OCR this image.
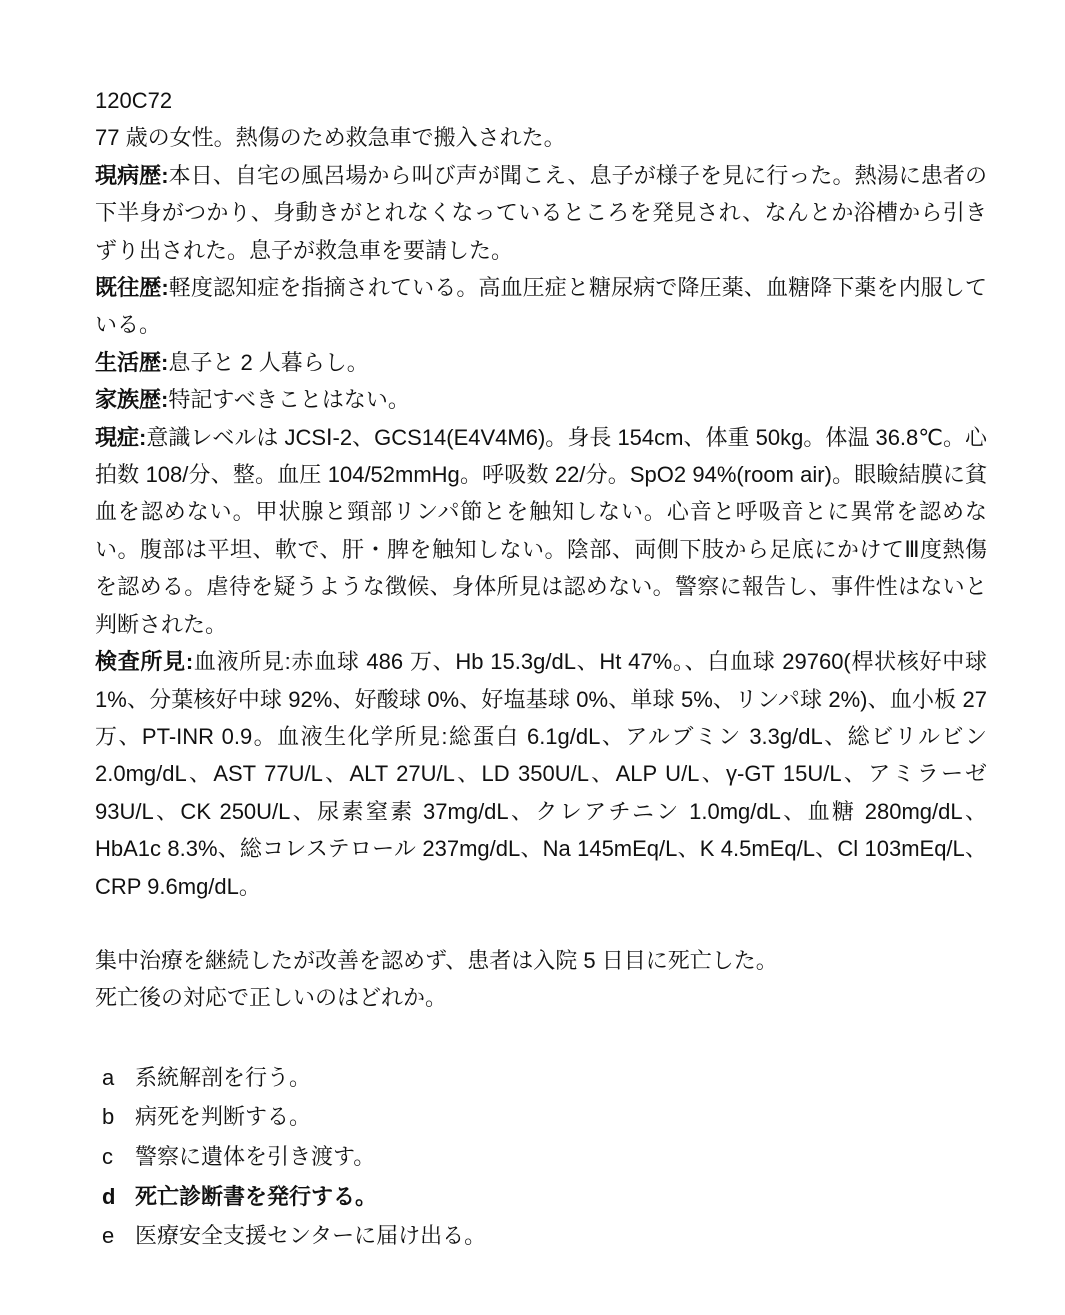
120C72

77 歳の女性。熱傷のため救急車で搬入された。

現病歴:本日、自宅の風呂場から叫び声が聞こえ、息子が様子を見に行った。熱湯に患者の下半身がつかり、身動きがとれなくなっているところを発見され、なんとか浴槽から引きずり出された。息子が救急車を要請した。

既往歴:軽度認知症を指摘されている。高血圧症と糖尿病で降圧薬、血糖降下薬を内服している。

生活歴:息子と 2 人暮らし。

家族歴:特記すべきことはない。

現症:意識レベルは JCSⅠ-2、GCS14(E4V4M6)。身長 154cm、体重 50kg。体温 36.8℃。心拍数 108/分、整。血圧 104/52mmHg。呼吸数 22/分。SpO2 94%(room air)。眼瞼結膜に貧血を認めない。甲状腺と頸部リンパ節とを触知しない。心音と呼吸音とに異常を認めない。腹部は平坦、軟で、肝・脾を触知しない。陰部、両側下肢から足底にかけてⅢ度熱傷を認める。虐待を疑うような徴候、身体所見は認めない。警察に報告し、事件性はないと判断された。

検査所見:血液所見:赤血球 486 万、Hb 15.3g/dL、Ht 47%。、白血球 29760(桿状核好中球 1%、分葉核好中球 92%、好酸球 0%、好塩基球 0%、単球 5%、リンパ球 2%)、血小板 27 万、PT-INR 0.9。血液生化学所見:総蛋白 6.1g/dL、アルブミン 3.3g/dL、総ビリルビン 2.0mg/dL、AST 77U/L、ALT 27U/L、LD 350U/L、ALP U/L、γ-GT 15U/L、アミラーゼ 93U/L、CK 250U/L、尿素窒素 37mg/dL、クレアチニン 1.0mg/dL、血糖 280mg/dL、HbA1c 8.3%、総コレステロール 237mg/dL、Na 145mEq/L、K 4.5mEq/L、Cl 103mEq/L、CRP 9.6mg/dL。

集中治療を継続したが改善を認めず、患者は入院 5 日目に死亡した。

死亡後の対応で正しいのはどれか。

a 系統解剖を行う。
b 病死を判断する。
c	警察に遺体を引き渡す。
d 死亡診断書を発行する。
e 医療安全支援センターに届け出る。
